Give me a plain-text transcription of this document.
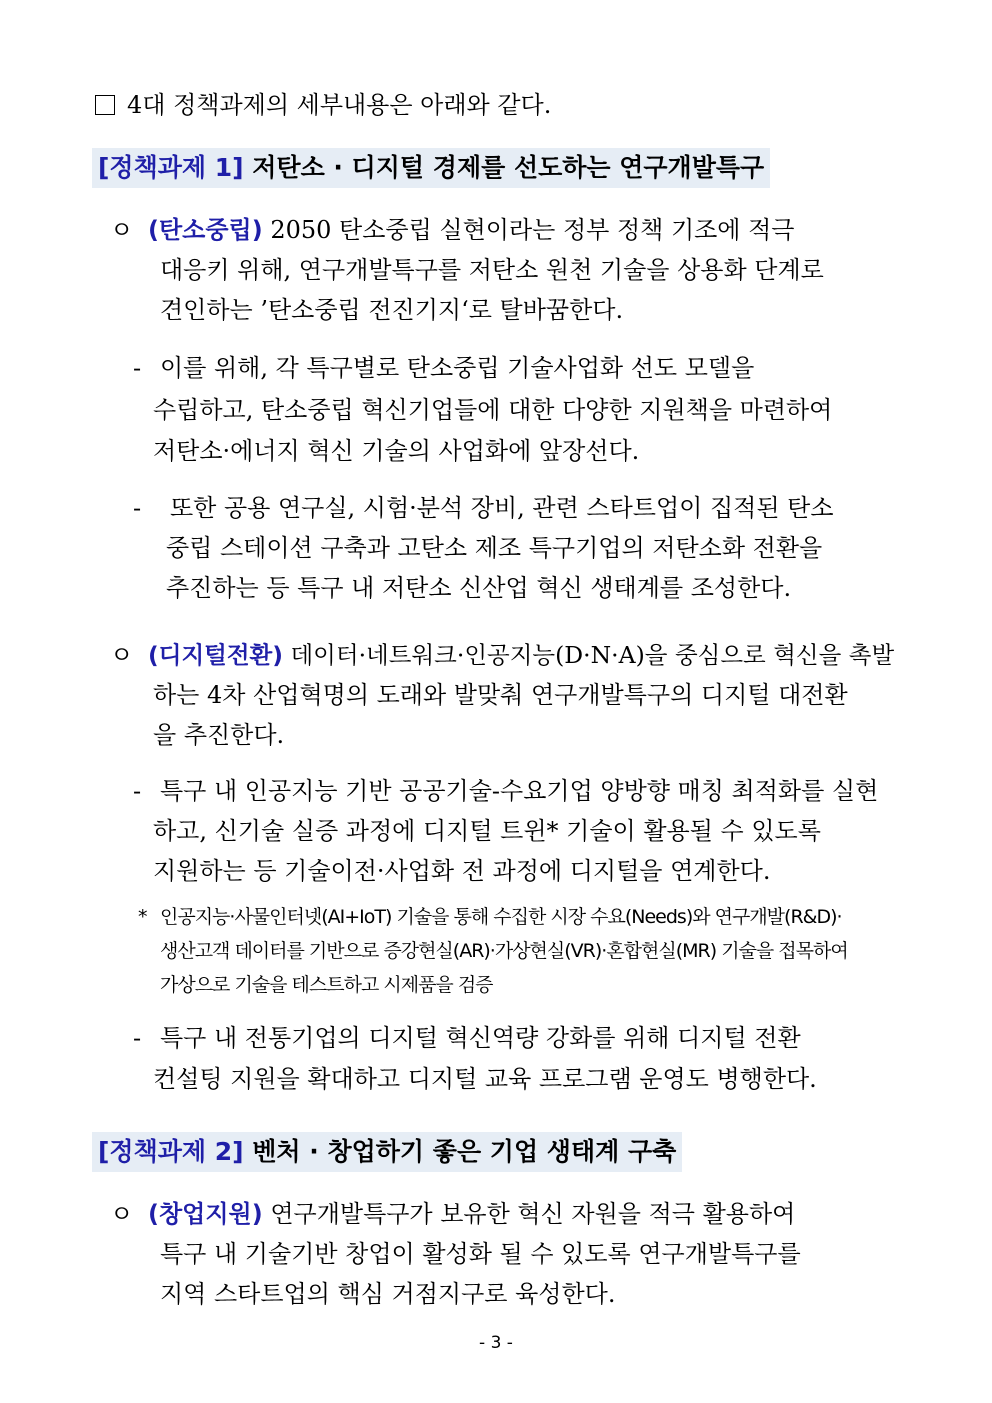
4대 정책과제의 세부내용은 아래와 같다.
[정책과제 1] 저탄소 · 디지털 경제를 선도하는 연구개발특구
ㅇ (탄소중립) 2050 탄소중립 실현이라는 정부 정책 기조에 적극
대응키 위해, 연구개발특구를 저탄소 원천 기술을 상용화 단계로
견인하는 ’탄소중립 전진기지‘로 탈바꿈한다.
- 이를 위해, 각 특구별로 탄소중립 기술사업화 선도 모델을
수립하고, 탄소중립 혁신기업들에 대한 다양한 지원책을 마련하여
저탄소·에너지 혁신 기술의 사업화에 앞장선다.
- 또한 공용 연구실, 시험·분석 장비, 관련 스타트업이 집적된 탄소
중립 스테이션 구축과 고탄소 제조 특구기업의 저탄소화 전환을
추진하는 등 특구 내 저탄소 신산업 혁신 생태계를 조성한다.
ㅇ (디지털전환) 데이터·네트워크·인공지능(D·N·A)을 중심으로 혁신을 촉발
하는 4차 산업혁명의 도래와 발맞춰 연구개발특구의 디지털 대전환
을 추진한다.
- 특구 내 인공지능 기반 공공기술-수요기업 양방향 매칭 최적화를 실현
하고, 신기술 실증 과정에 디지털 트윈* 기술이 활용될 수 있도록
지원하는 등 기술이전·사업화 전 과정에 디지털을 연계한다.
* 인공지능·사물인터넷(AI+IoT) 기술을 통해 수집한 시장 수요(Needs)와 연구개발(R&D)·
생산고객 데이터를 기반으로 증강현실(AR)·가상현실(VR)·혼합현실(MR) 기술을 접목하여
가상으로 기술을 테스트하고 시제품을 검증
- 특구 내 전통기업의 디지털 혁신역량 강화를 위해 디지털 전환
컨설팅 지원을 확대하고 디지털 교육 프로그램 운영도 병행한다.
[정책과제 2] 벤처 · 창업하기 좋은 기업 생태계 구축
ㅇ (창업지원) 연구개발특구가 보유한 혁신 자원을 적극 활용하여
특구 내 기술기반 창업이 활성화 될 수 있도록 연구개발특구를
지역 스타트업의 핵심 거점지구로 육성한다.
- 3 -
